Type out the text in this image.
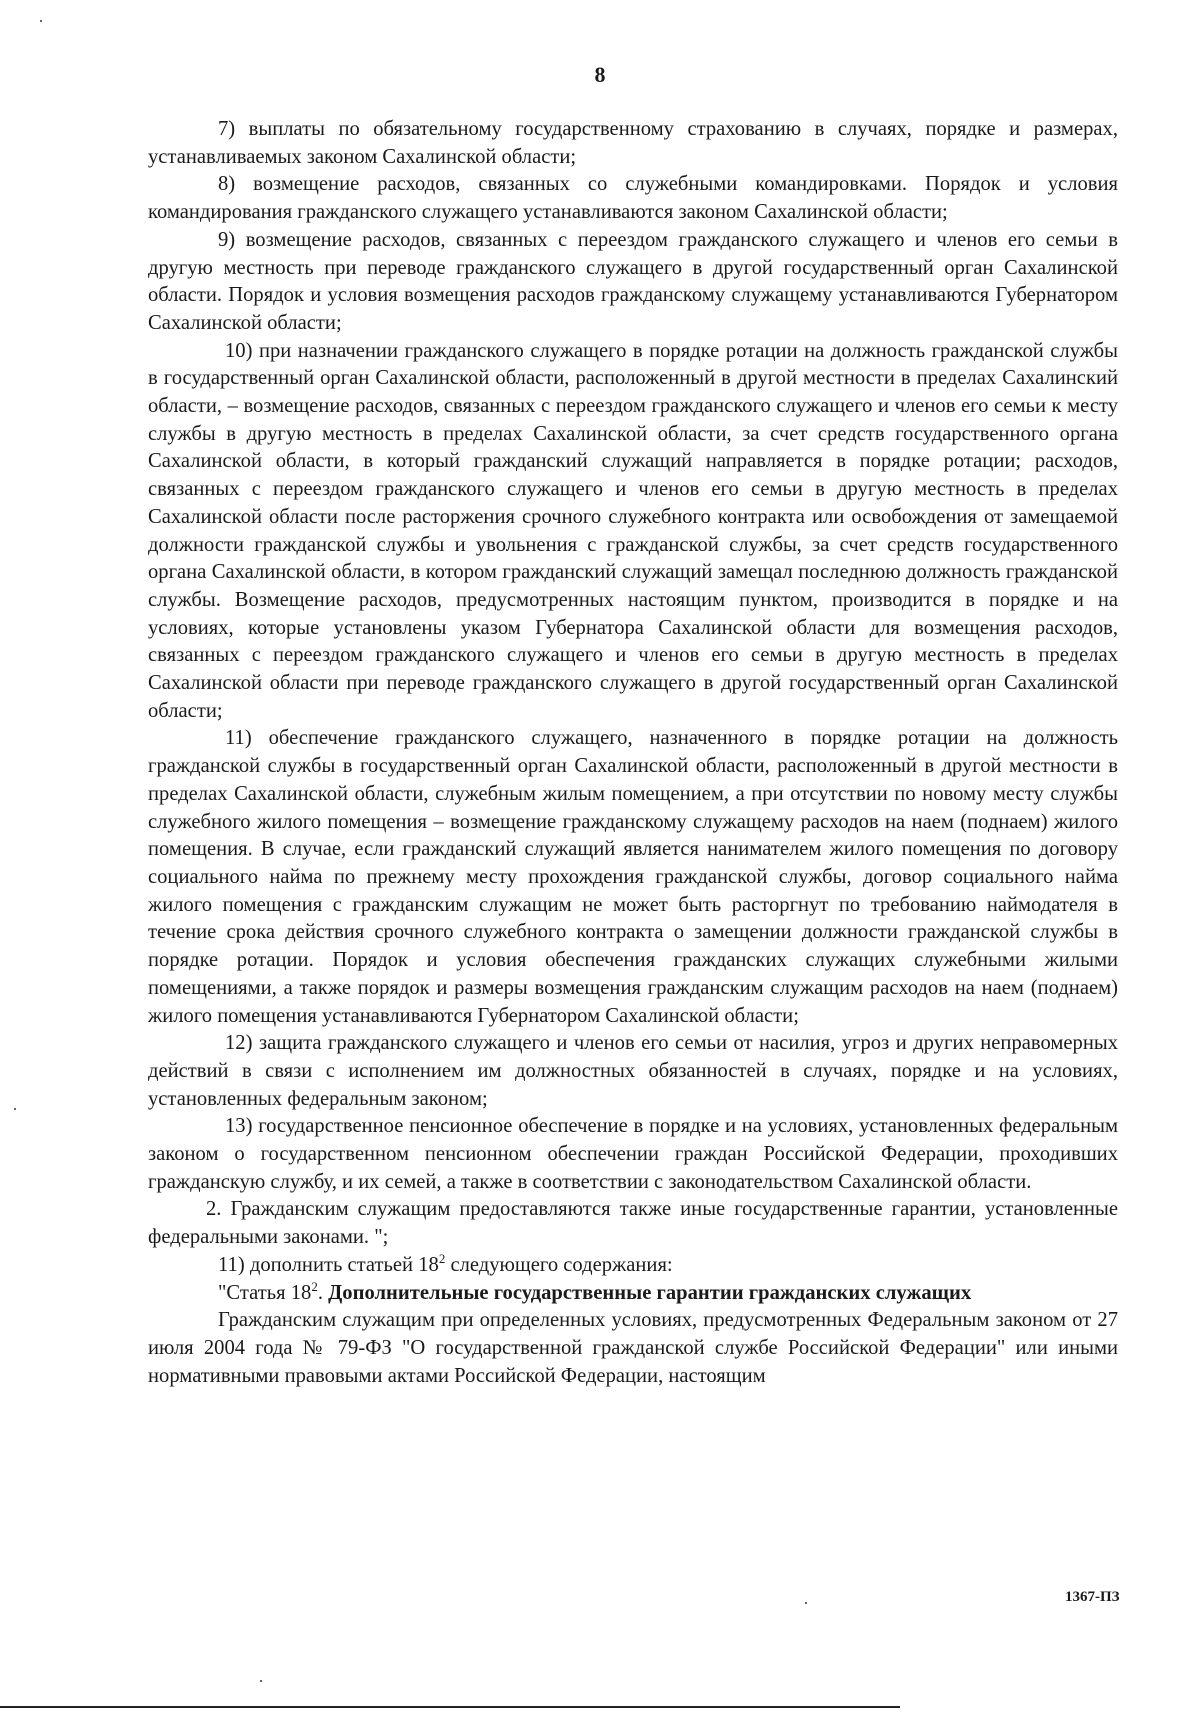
8

7) выплаты по обязательному государственному страхованию в случаях, порядке и размерах, устанавливаемых законом Сахалинской области;

8) возмещение расходов, связанных со служебными командировками. Порядок и условия командирования гражданского служащего устанавливаются законом Сахалинской области;

9) возмещение расходов, связанных с переездом гражданского служащего и членов его семьи в другую местность при переводе гражданского служащего в другой государственный орган Сахалинской области. Порядок и условия возмещения расходов гражданскому служащему устанавливаются Губернатором Сахалинской области;

10) при назначении гражданского служащего в порядке ротации на должность гражданской службы в государственный орган Сахалинской области, расположенный в другой местности в пределах Сахалинский области, – возмещение расходов, связанных с переездом гражданского служащего и членов его семьи к месту службы в другую местность в пределах Сахалинской области, за счет средств государственного органа Сахалинской области, в который гражданский служащий направляется в порядке ротации; расходов, связанных с переездом гражданского служащего и членов его семьи в другую местность в пределах Сахалинской области после расторжения срочного служебного контракта или освобождения от замещаемой должности гражданской службы и увольнения с гражданской службы, за счет средств государственного органа Сахалинской области, в котором гражданский служащий замещал последнюю должность гражданской службы. Возмещение расходов, предусмотренных настоящим пунктом, производится в порядке и на условиях, которые установлены указом Губернатора Сахалинской области для возмещения расходов, связанных с переездом гражданского служащего и членов его семьи в другую местность в пределах Сахалинской области при переводе гражданского служащего в другой государственный орган Сахалинской области;

11) обеспечение гражданского служащего, назначенного в порядке ротации на должность гражданской службы в государственный орган Сахалинской области, расположенный в другой местности в пределах Сахалинской области, служебным жилым помещением, а при отсутствии по новому месту службы служебного жилого помещения – возмещение гражданскому служащему расходов на наем (поднаем) жилого помещения. В случае, если гражданский служащий является нанимателем жилого помещения по договору социального найма по прежнему месту прохождения гражданской службы, договор социального найма жилого помещения с гражданским служащим не может быть расторгнут по требованию наймодателя в течение срока действия срочного служебного контракта о замещении должности гражданской службы в порядке ротации. Порядок и условия обеспечения гражданских служащих служебными жилыми помещениями, а также порядок и размеры возмещения гражданским служащим расходов на наем (поднаем) жилого помещения устанавливаются Губернатором Сахалинской области;

12) защита гражданского служащего и членов его семьи от насилия, угроз и других неправомерных действий в связи с исполнением им должностных обязанностей в случаях, порядке и на условиях, установленных федеральным законом;

13) государственное пенсионное обеспечение в порядке и на условиях, установленных федеральным законом о государственном пенсионном обеспечении граждан Российской Федерации, проходивших гражданскую службу, и их семей, а также в соответствии с законодательством Сахалинской области.

2. Гражданским служащим предоставляются также иные государственные гарантии, установленные федеральными законами. ";

11) дополнить статьей $18^2$ следующего содержания:

"Статья $18^2$. Дополнительные государственные гарантии гражданских служащих

Гражданским служащим при определенных условиях, предусмотренных Федеральным законом от 27 июля 2004 года № 79-ФЗ "О государственной гражданской службе Российской Федерации" или иными нормативными правовыми актами Российской Федерации, настоящим

1367-ПЗ
